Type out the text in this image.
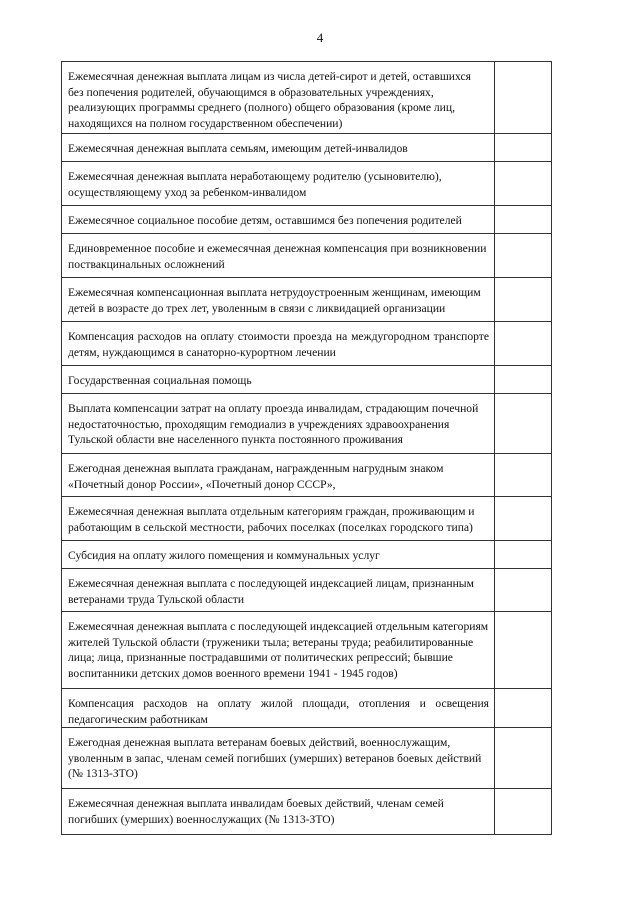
4
Ежемесячная денежная выплата лицам из числа детей-сирот и детей, оставшихся без попечения родителей, обучающимся в образовательных учреждениях, реализующих программы среднего (полного) общего образования (кроме лиц, находящихся на полном государственном обеспечении)	

Ежемесячная денежная выплата семьям, имеющим детей-инвалидов	

Ежемесячная денежная выплата неработающему родителю (усыновителю), осуществляющему уход за ребенком-инвалидом	

Ежемесячное социальное пособие детям, оставшимся без попечения родителей	

Единовременное пособие и ежемесячная денежная компенсация при возникновении поствакцинальных осложнений	

Ежемесячная компенсационная выплата нетрудоустроенным женщинам, имеющим детей в возрасте до трех лет, уволенным в связи с ликвидацией организации	

Компенсация расходов на оплату стоимости проезда на междугородном транспорте детям, нуждающимся в санаторно-курортном лечении	

Государственная социальная помощь	

Выплата компенсации затрат на оплату проезда инвалидам, страдающим почечной недостаточностью, проходящим гемодиализ в учреждениях здравоохранения Тульской области вне населенного пункта постоянного проживания	

Ежегодная денежная выплата гражданам, награжденным нагрудным знаком «Почетный донор России», «Почетный донор СССР»,	

Ежемесячная денежная выплата отдельным категориям граждан, проживающим и работающим в сельской местности, рабочих поселках (поселках городского типа)	

Субсидия на оплату жилого помещения и коммунальных услуг	

Ежемесячная денежная выплата с последующей индексацией лицам, признанным ветеранами труда Тульской области	

Ежемесячная денежная выплата с последующей индексацией отдельным категориям жителей Тульской области (труженики тыла; ветераны труда; реабилитированные лица; лица, признанные пострадавшими от политических репрессий; бывшие воспитанники детских домов военного времени 1941 - 1945 годов)	

Компенсация расходов на оплату жилой площади, отопления и освещения педагогическим работникам	

Ежегодная денежная выплата ветеранам боевых действий, военнослужащим, уволенным в запас, членам семей погибших (умерших) ветеранов боевых действий (№ 1313-ЗТО)	

Ежемесячная денежная выплата инвалидам боевых действий, членам семей погибших (умерших) военнослужащих (№ 1313-ЗТО)	
